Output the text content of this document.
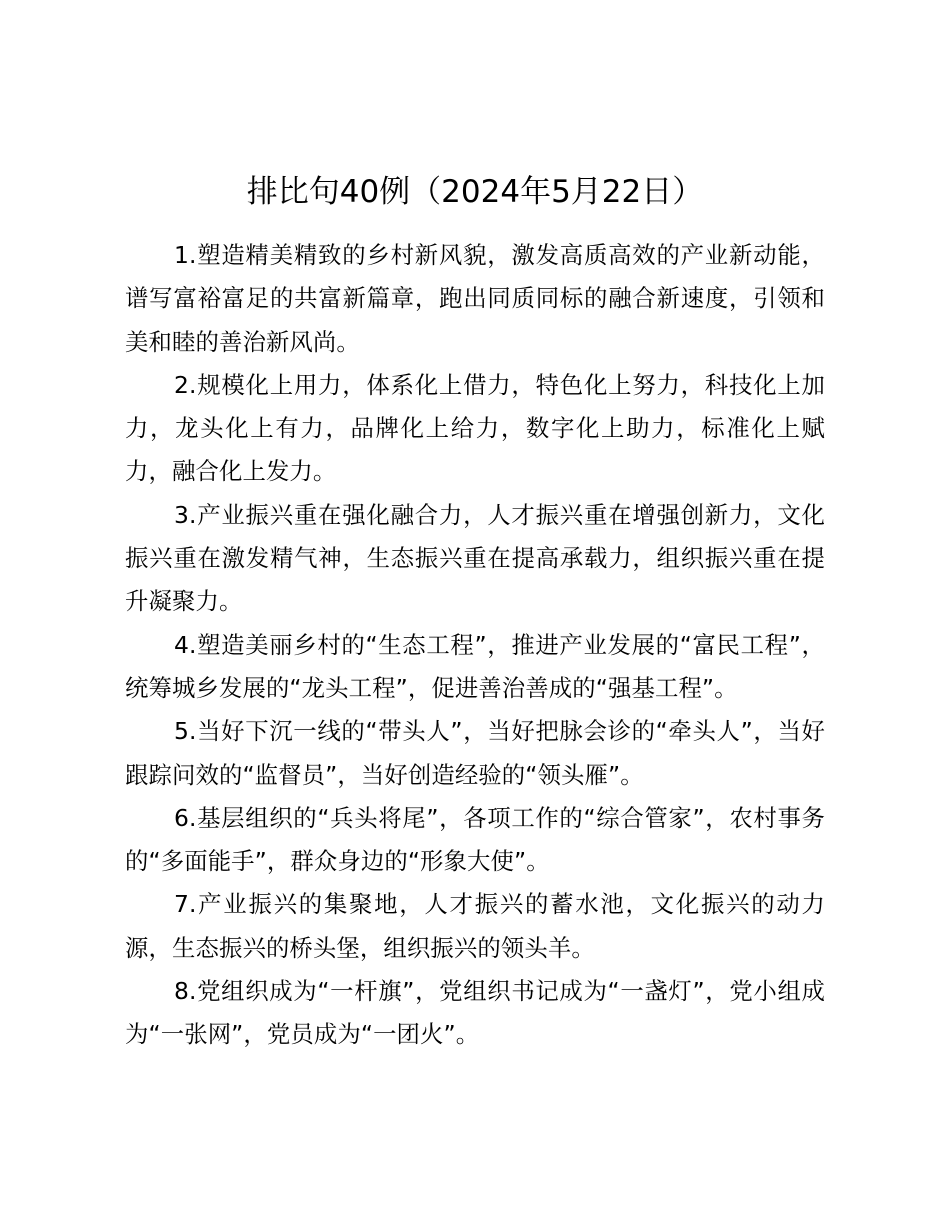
排比句40例（2024年5月22日）

1.塑造精美精致的乡村新风貌，激发高质高效的产业新动能，谱写富裕富足的共富新篇章，跑出同质同标的融合新速度，引领和美和睦的善治新风尚。

2.规模化上用力，体系化上借力，特色化上努力，科技化上加力，龙头化上有力，品牌化上给力，数字化上助力，标准化上赋力，融合化上发力。

3.产业振兴重在强化融合力，人才振兴重在增强创新力，文化振兴重在激发精气神，生态振兴重在提高承载力，组织振兴重在提升凝聚力。

4.塑造美丽乡村的“生态工程”，推进产业发展的“富民工程”，统筹城乡发展的“龙头工程”，促进善治善成的“强基工程”。

5.当好下沉一线的“带头人”，当好把脉会诊的“牵头人”，当好跟踪问效的“监督员”，当好创造经验的“领头雁”。

6.基层组织的“兵头将尾”，各项工作的“综合管家”，农村事务的“多面能手”，群众身边的“形象大使”。

7.产业振兴的集聚地，人才振兴的蓄水池，文化振兴的动力源，生态振兴的桥头堡，组织振兴的领头羊。

8.党组织成为“一杆旗”，党组织书记成为“一盏灯”，党小组成为“一张网”，党员成为“一团火”。
